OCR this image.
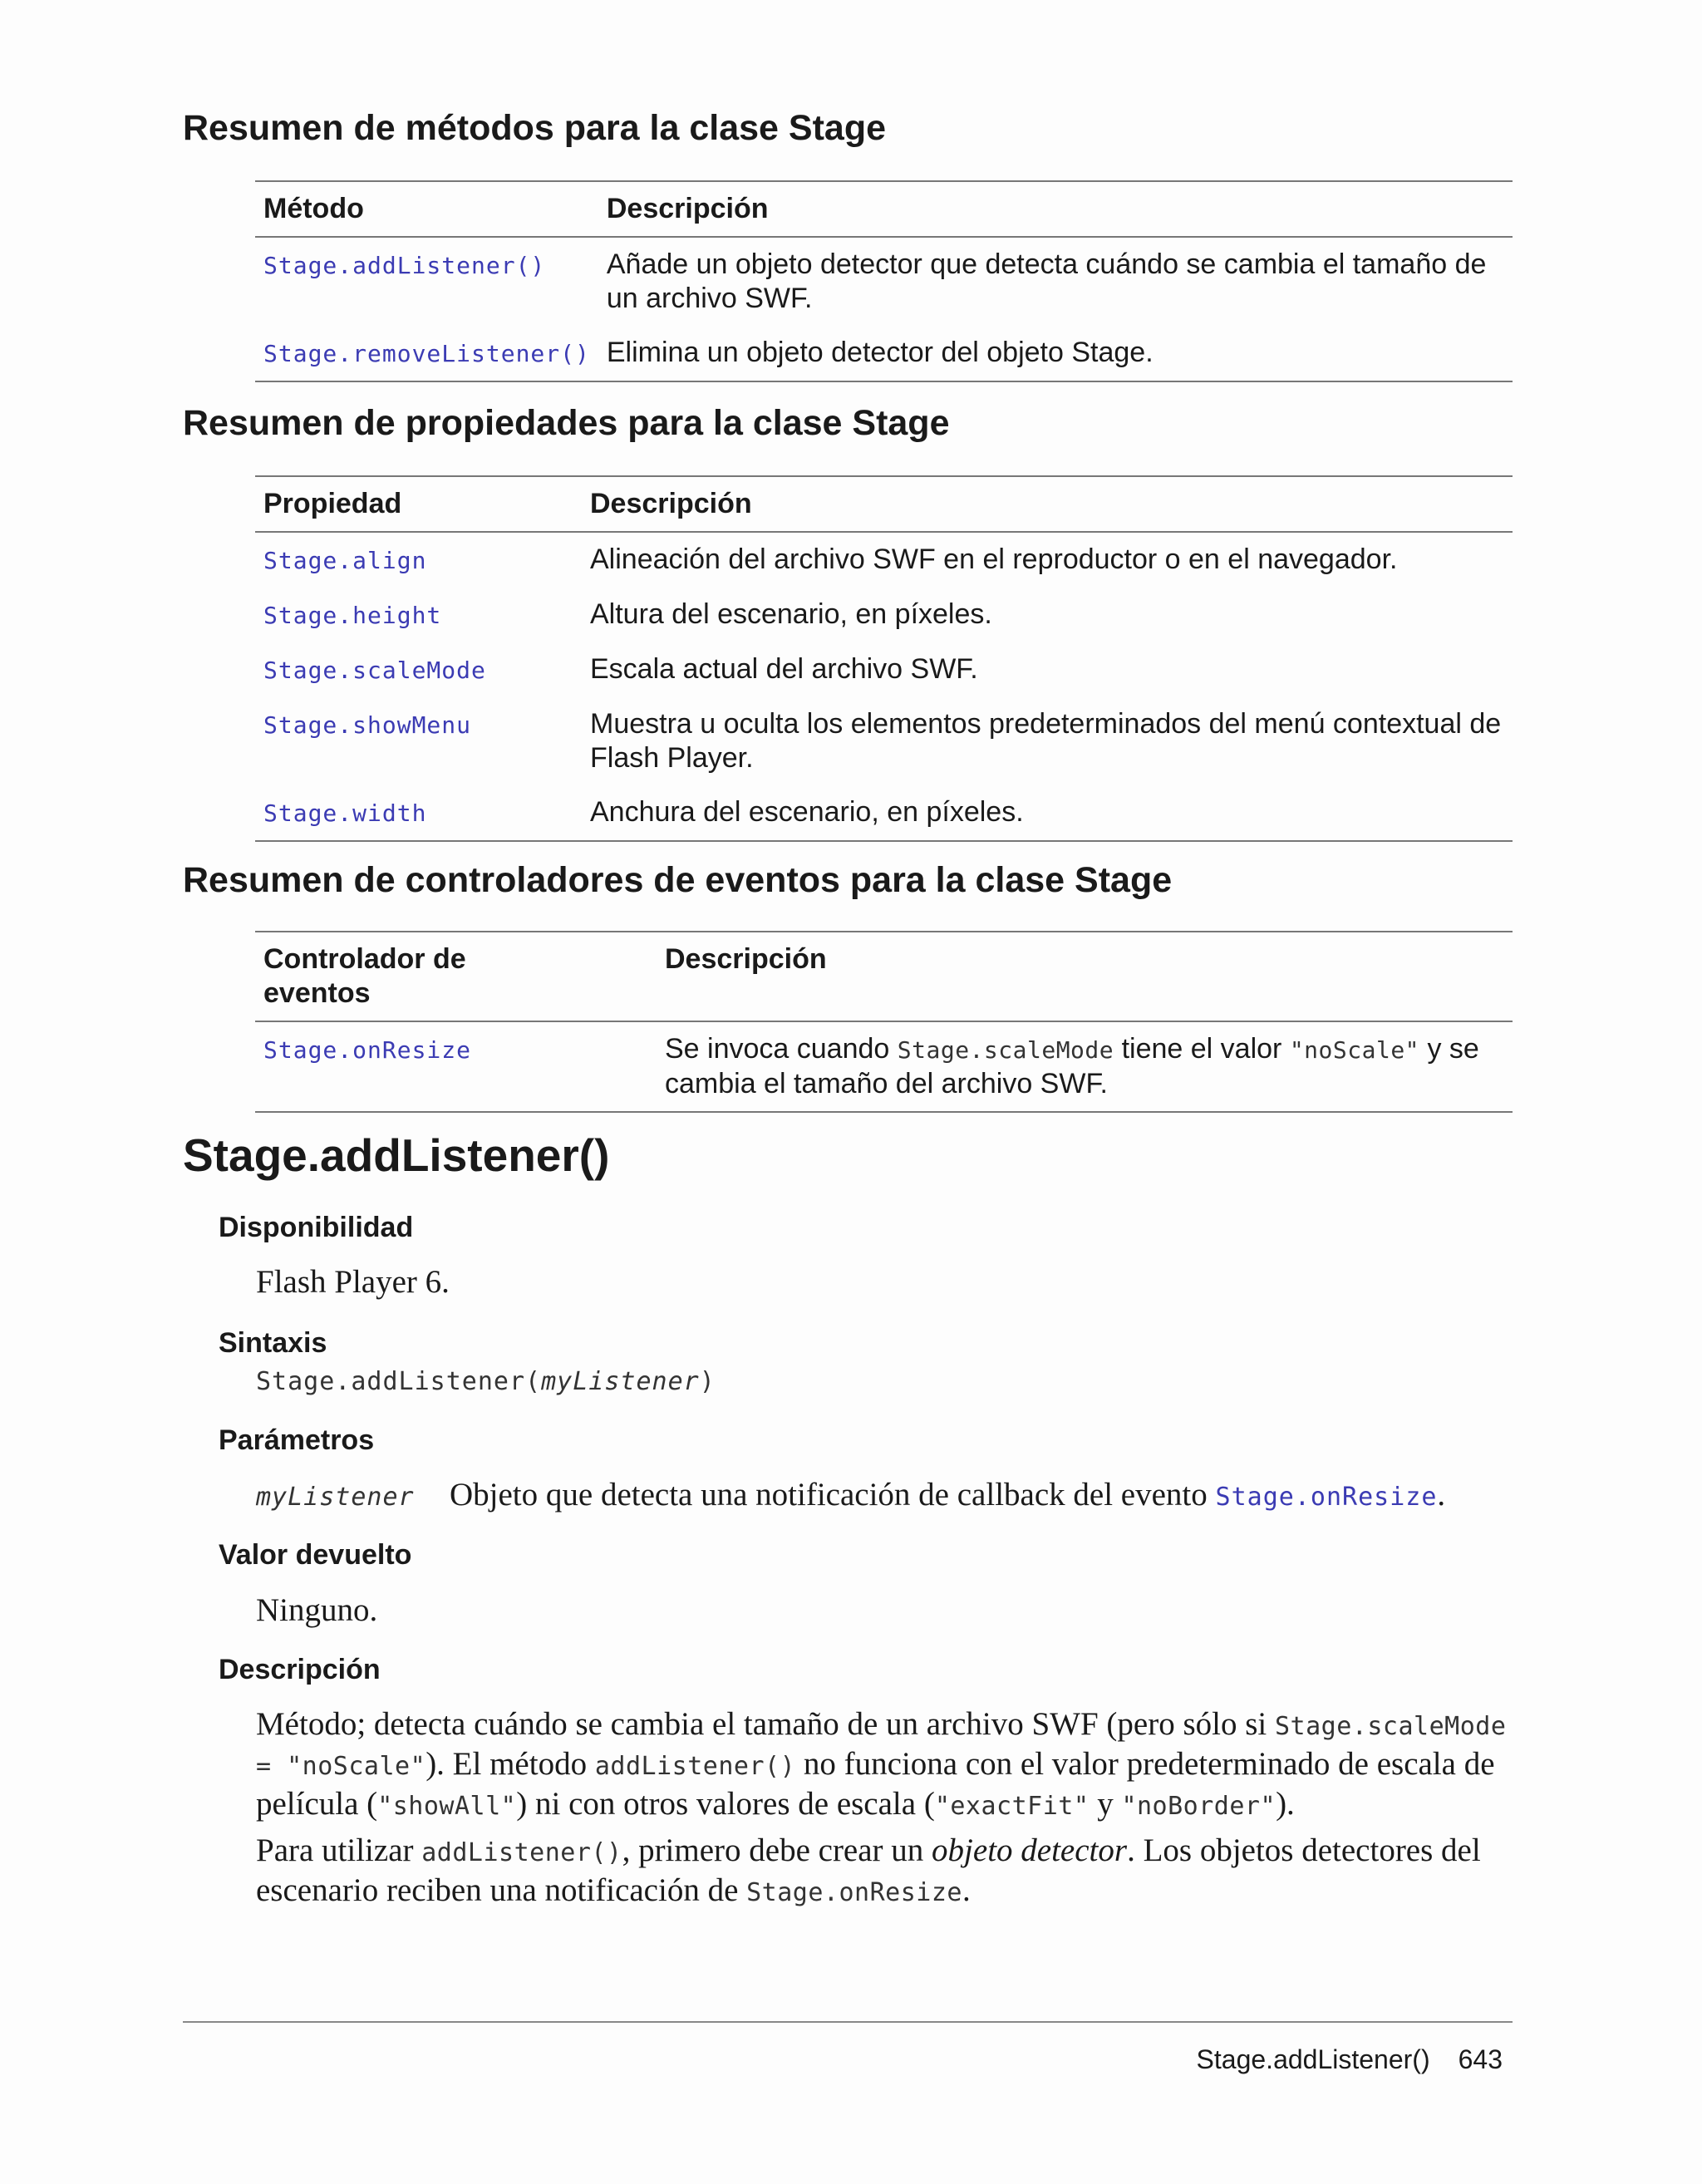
Resumen de métodos para la clase Stage
Método	Descripción
Stage.addListener()	Añade un objeto detector que detecta cuándo se cambia el tamaño de un archivo SWF.
Stage.removeListener()	Elimina un objeto detector del objeto Stage.
Resumen de propiedades para la clase Stage
Propiedad	Descripción
Stage.align	Alineación del archivo SWF en el reproductor o en el navegador.
Stage.height	Altura del escenario, en píxeles.
Stage.scaleMode	Escala actual del archivo SWF.
Stage.showMenu	Muestra u oculta los elementos predeterminados del menú contextual de Flash Player.
Stage.width	Anchura del escenario, en píxeles.
Resumen de controladores de eventos para la clase Stage
Controlador de eventos	Descripción
Stage.onResize	Se invoca cuando Stage.scaleMode tiene el valor "noScale" y se cambia el tamaño del archivo SWF.
Stage.addListener()
Disponibilidad

Flash Player 6.

Sintaxis

Stage.addListener(myListener)

Parámetros
myListener	Objeto que detecta una notificación de callback del evento Stage.onResize.
Valor devuelto

Ninguno.

Descripción

Método; detecta cuándo se cambia el tamaño de un archivo SWF (pero sólo si Stage.scaleMode = "noScale"). El método addListener() no funciona con el valor predeterminado de escala de película ("showAll") ni con otros valores de escala ("exactFit" y "noBorder").

Para utilizar addListener(), primero debe crear un objeto detector. Los objetos detectores del escenario reciben una notificación de Stage.onResize.

Stage.addListener() 643
